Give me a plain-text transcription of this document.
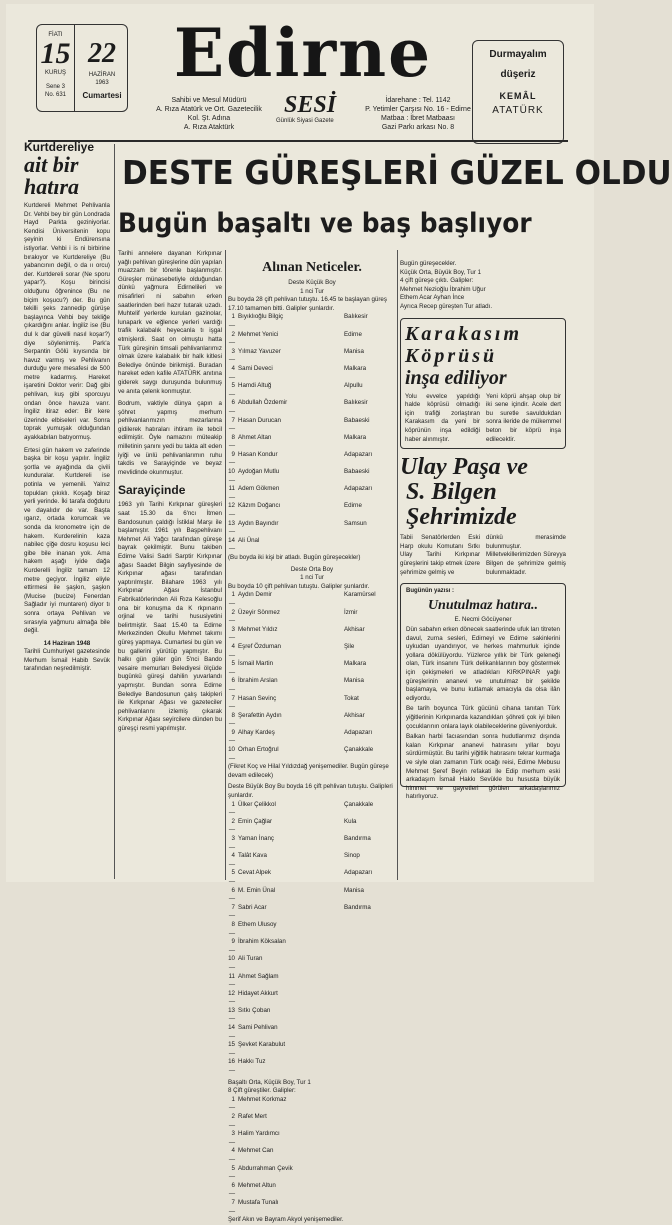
FİATI
15
KURUŞ
Sene 3
No. 631
22
HAZİRAN
1963
Cumartesi
Edirne
SESİ
Günlük Siyasi Gazete
Sahibi ve Mesul Müdürü
A. Rıza Atatürk ve Ort. Gazetecilik
Kol. Şt. Adına
A. Rıza Ataktürk
İdarehane : Tel. 1142
P. Yetimler Çarşısı No. 16 - Edirne
Matbaa : İbret Matbaası
Gazi Parkı arkası No. 8
Durmayalım
düşeriz
KEMÂL
ATATÜRK
Kurtdereliye
ait bir
hatıra
Kurtdereli Mehmet Pehlivanla Dr. Vehbi bey bir gün Londrada Hayd Parkta geziniyorlar. Kendisi Üniversitenin kopu şeyinin ki Endürensına istiyorlar. Vehbi i is ni birbirine bırakıyor ve Kurtdereliye (Bu yabancının değil, o da ıı orcu) der. Kurtdereli sorar (Ne sporu yapar?). Koşu birincisi olduğunu öğrenince (Bu ne biçim koşucu?) der. Bu gün tekilli şeks zannedip gürüşe başlayınca Vehbi bey tekliğe çıkardığını anlar. İngiliz ise (Bu dul k dar güvelli nasıl koşar?) diye söylenirmiş. Park'a Serpantin Gölü kıyısında bir havuz varmış ve Pehlivanın durduğu yere mesafesi de 500 metre kadarmış. Hareket işaretini Doktor verir: Dağ gibi pehlivan, kuş gibi sporcuyu ondan önce havuza varır. İngiliz itiraz eder: Bir kere üzerinde elbiseleri var. Sonra toprak yumuşak olduğundan ayakkabıları batıyormuş.
Ertesi gün hakem ve zaferinde başka bir koşu yapılır. İngiliz şortla ve ayağında da çivili kunduralar. Kurtdereli ise potinla ve yemenili. Yalnız topukları çıkıklı. Koşağı biraz yerli yerinde. İki tarafa doğduru ve dayalıdır de var. Başta ıgarız, ortada korumcak ve sonda da kronometre için de hakem. Kurderelinin kaza nabilec çiğe dosru koşusu leci gibe bile inanan yok. Ama hakem aşağı iyide dağa Kurderelli İngiliz tamam 12 metre geçiyor. İngiliz eliyle ettirmesi ile şaşkın, şaşkın (Mucise (bucize) Fenerdan Sağladır iyi muntaren) diyor tı sonra ortaya Pehlivan ve sırasıyla yağmuru almağa bile değil.
14 Haziran 1948
Tarihli Cumhuriyet gazetesinde Merhum İsmail Habib Sevük tarafından neşredilmiştir.
DESTE GÜREŞLERİ GÜZEL OLDU
Bugün başaltı ve baş başlıyor
Tarihi annelere dayanan Kırkpınar yağlı pehlivan güreşlerine dün yapılan muazzam bir törenle başlanmıştır. Güreşler münasebetiyle olduğundan dünkü yağmura Edirnelileri ve misafirleri ni sabahın erken saatlerinden beri hazır tutarak uzadı. Muhtelif yerlerde kurulan gazinolar, lunapark ve eğlence yerleri vardığı trafik kalabalık heyecanla tı işgal etmişlerdi. Saat on olmuştu hatta Türk güreşinin timsali pehlivanlarımız olmak üzere kalabalık bir halk kitlesi Belediye önünde birikmişti. Buradan hareket eden kafile ATATÜRK anıtına giderek saygı duruşunda bulunmuş ve anıta çelenk konmuştur.
Bodrum, vaktiyle dünya çapın a şöhret yapmış merhum pehlivanlarımızın mezarlarına gidilerek hatıraları ihtiram ile tebcil edilmiştir. Öyle namazını müteakip milletinin şanını yedi bu takta alt eden iyiği ve ünlü pehlivanlarımın ruhu takdis ve Sarayiçinde ve beyaz mevlidinde okunmuştur.
Sarayiçinde
1963 yılı Tarihi Kırkpınar güreşleri saat 15.30 da 6'ncı İtmen Bandosunun çaldığı İstiklal Marşı ile başlamıştır. 1961 yılı Başpehlivanı Mehmet Ali Yağcı tarafından güreşe bayrak çekilmiştir. Bunu takiben Edirne Valisi Sadri Sarptir Kırkpınar ağası Saadet Bilgin sayfiyesinde de Kırkpınar ağası tarafından yaptırılmıştır. Bilahare 1963 yılı Kırkpınar Ağası İstanbul Fabrikatörlerinden Ali Rıza Kelesoğlu ona bir konuşma da K rkpınarın orjinal ve tarihi hususiyetini belirtmiştir. Saat 15.40 ta Edirne Merkezinden Okullu Mehmet takımı güreş yapmaya. Cumartesi bu gün ve bu gallerini yürütüp yapmıştır. Bu halkı gün güler gün 5'nci Bando vesaire memurları Belediyesi ölçüde bugünkü güreşi dahilin yuvarlandı yapmıştır. Bundan sonra Edirne Belediye Bandosunun çalış takipleri ile Kırkpınar Ağası ve gazeteciler pehlivanlarını izlemiş çıkarak Kırkpınar Ağası seyircilere dünden bu güreşçi resmi yapılmıştır.
Alınan Neticeler.
Deste Küçük Boy
1 nci Tur
Bu boyda 28 çift pehlivan tutuştu. 16.45 te başlayan güreş 17.10 tamamen bitti. Galipler şunlardır.
1 —
Bıyıklıoğlu Bilgiç	Balıkesir
2 —
Mehmet Yenici	Edirne
3 —
Yılmaz Yavuzer	Manisa
4 —
Sami Deveci	Malkara
5 —
Hamdi Altuğ	Alpullu
6 —
Abdullah Özdemir	Balıkesir
7 —
Hasan Durucan	Babaeski
8 —
Ahmet Altan	Malkara
9 —
Hasan Kondur	Adapazarı
10 —
Aydoğan Mutlu	Babaeski
11 —
Adem Gökmen	Adapazarı
12 —
Kâzım Doğancı	Edirne
13 —
Aydın Bayındır	Samsun
14 —
Ali Ünal
(Bu boyda iki kişi bir atladı. Bugün güreşecekler)
Deste Orta Boy
1 nci Tur
Bu boyda 10 çift pehlivan tutuştu. Galipler şunlardır.
1 —
Aydın Demir	Karamürsel
2 —
Üzeyir Sönmez	İzmir
3 —
Mehmet Yıldız	Akhisar
4 —
Eşref Özduman	Şile
5 —
İsmail Martin	Malkara
6 —
İbrahim Arslan	Manisa
7 —
Hasan Sevinç	Tokat
8 —
Şerafettin Aydın	Akhisar
9 —
Alhay Kardeş	Adapazarı
10 —
Orhan Ertoğrul	Çanakkale
(Fikret Koç ve Hilal Yıldızdağ yenişemediler. Bugün güreşe devam edilecek)
Deste Büyük Boy Bu boyda 16 çift pehlivan tutuştu. Galipleri şunlardır.
1 —
Ülker Çelikkol	Çanakkale
2 —
Emin Çağlar	Kula
3 —
Yaman İnanç	Bandırma
4 —
Talât Kava	Sinop
5 —
Cevat Alpek	Adapazarı
6 —
M. Emin Ünal	Manisa
7 —
Sabri Acar	Bandırma
8 —
Ethem Ulusoy
9 —
İbrahim Köksalan
10 —
Ali Turan
11 —
Ahmet Sağlam
12 —
Hidayet Akkurt
13 —
Sıtkı Çoban
14 —
Sami Pehlivan
15 —
Şevket Karabulut
16 —
Hakkı Tuz
Başaltı Orta, Küçük Boy, Tur 1
8 Çift güreştiler. Galipler:
1 —
Mehmet Korkmaz
2 —
Rafet Mert
3 —
Halim Yardımcı
4 —
Mehmet Can
5 —
Abdurrahman Çevik
6 —
Mehmet Altun
7 —
Mustafa Tunalı
Şerif Akın ve Bayram Akyol yenişemediler.
Bugün güreşecekler.
Küçük Orta, Büyük Boy, Tur 1
4 çift güreşe çıktı. Galipler:
Mehmet Nezioğlu İbrahim Uğur
Ethem Acar Ayhan İnce
Ayrıca Recep güreşten Tur atladı.
Karakasım
Köprüsü
inşa ediliyor
Yolu evvelce yapıldığı halde köprüsü olmadığı için trafiği zorlaştıran Karakasım da yeni bir köprünün inşa edildiği haber alınmıştır.
Yeni köprü ahşap olup bir iki sene içindir. Acele dert bu suretle savuldukdan sonra ileride de mükemmel beton bir köprü inşa edilecektir.
Ulay Paşa ve
S. Bilgen
Şehrimizde
Tabii Senatörlerden Eski Harp okulu Komutanı Sıtkı Ulay Tarihi Kırkpınar güreşlerini takip etmek üzere şehrimize gelmiş ve
dünkü merasimde bulunmuştur. Milletvekillerimizden Süreyya Bilgen de şehrimize gelmiş bulunmaktadır.
Bugünün yazısı :
Unutulmaz hatıra..
E. Necmi Göcüyener
Dün sabahın erken dönecek saatlerinde ufuk ları titreten davul, zurna sesleri, Edirneyi ve Edirne sakinlerini uykudan uyandırıyor, ve herkes mahmurluk içinde yollara dökülüyordu. Yüzlerce yıllık bir Türk geleneği olan, Türk insanını Türk delikanlılarının boy göstermek için çekişmeleri ve atladıkları KIRKPINAR yağlı güreşlerinin ananevi ve unutulmaz bir şekilde başlamaya, ve bunu kutlamak amacıyla da olsa ilân ediyordu.
Be tarih boyunca Türk gücünü cihana tanıtan Türk yiğitlerinin Kırkpınarda kazandıkları şöhreti çok iyi bilen çocuklarının onlara layık olabileceklerine güveniyorduk.
Balkan harbi facıasından sonra hudutlarımız dışında kalan Kırkpınar ananevi hatırasını yıllar boyu sürdürmüştür. Bu tarihi yiğitlik hatırasını tekrar kurmağa ve siyle olan zamanın Türk ocağı reisi, Edirne Mebusu Mehmet Şeref Beyin refakati ile Edip merhum eski arkadaşım İsmail Hakkı Sevükle bu hususta büyük himmet ve gayretleri görülen arkadaşlarımız hatırlıyoruz.
